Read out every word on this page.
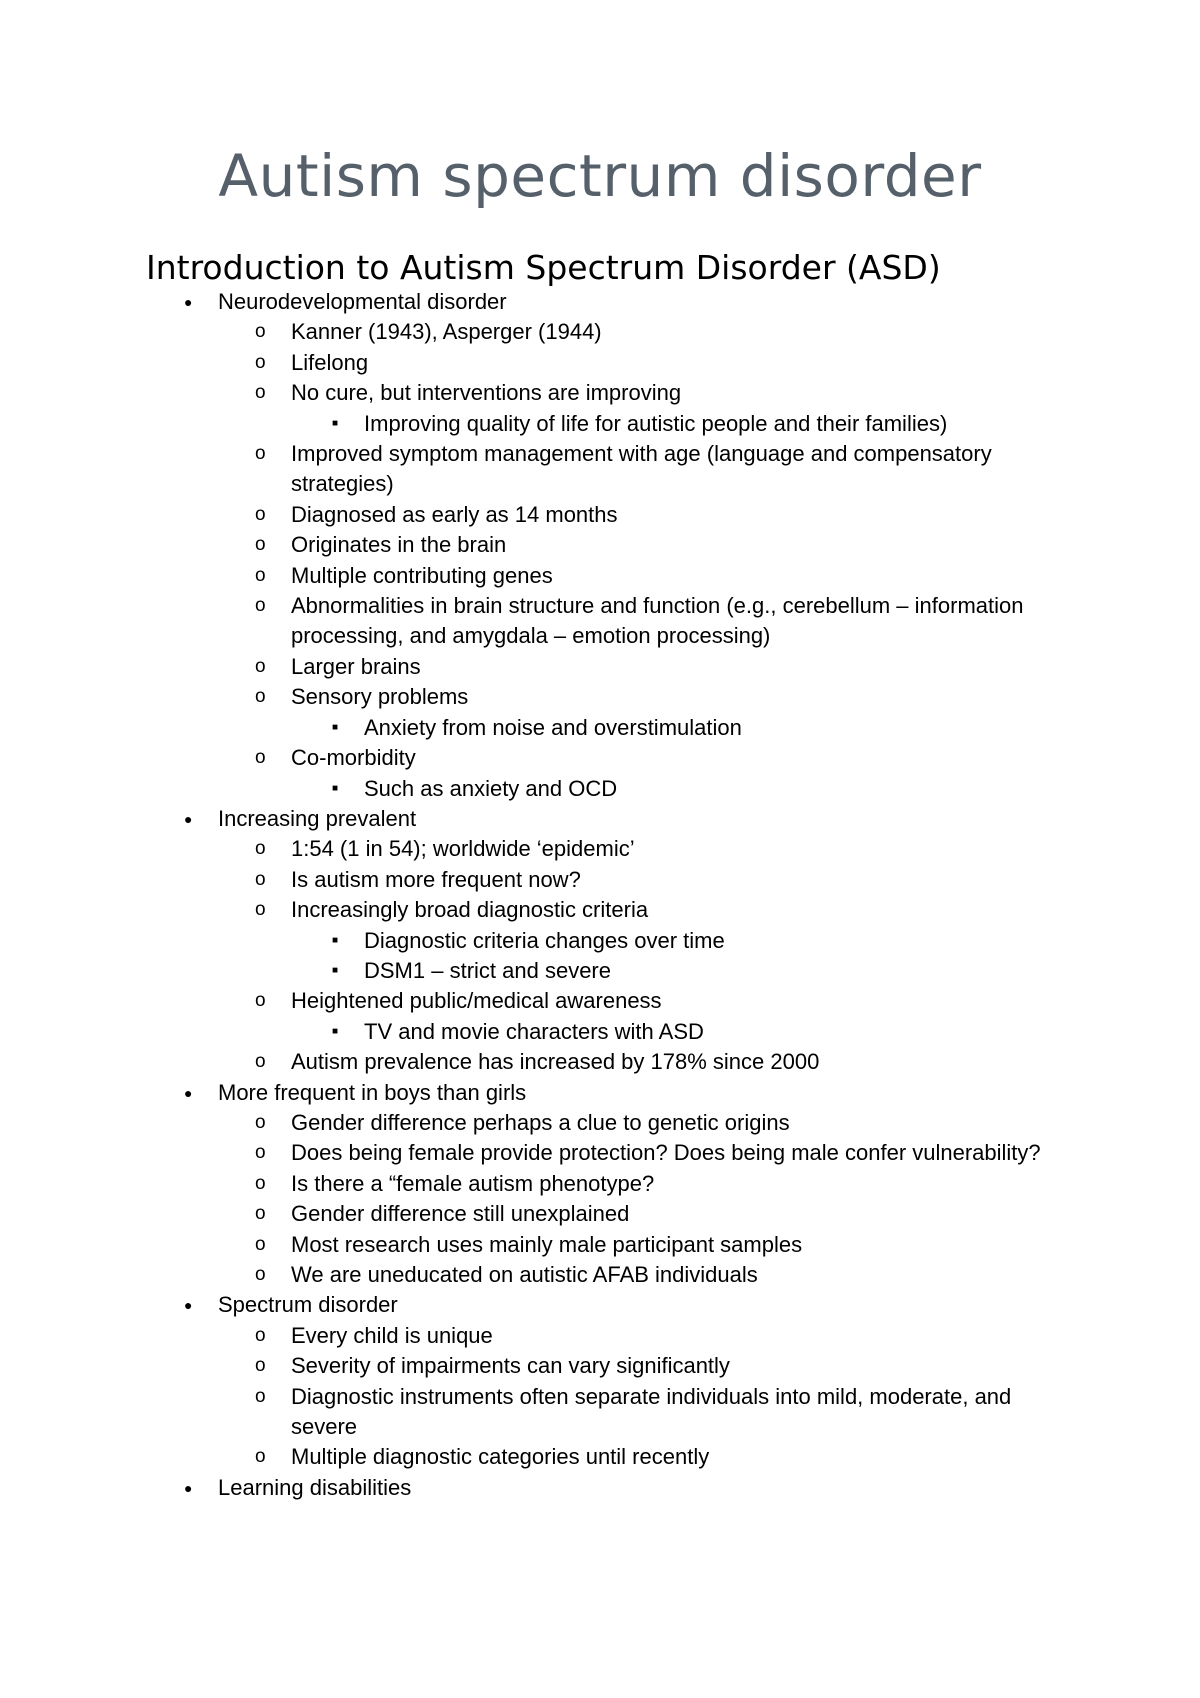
Autism spectrum disorder
Introduction to Autism Spectrum Disorder (ASD)
● Neurodevelopmental disorder
o Kanner (1943), Asperger (1944)
o Lifelong
o No cure, but interventions are improving
■ Improving quality of life for autistic people and their families)
o Improved symptom management with age (language and compensatory strategies)
o Diagnosed as early as 14 months
o Originates in the brain
o Multiple contributing genes
o Abnormalities in brain structure and function (e.g., cerebellum – information processing, and amygdala – emotion processing)
o Larger brains
o Sensory problems
■ Anxiety from noise and overstimulation
o Co-morbidity
■ Such as anxiety and OCD
● Increasing prevalent
o 1:54 (1 in 54); worldwide ‘epidemic’
o Is autism more frequent now?
o Increasingly broad diagnostic criteria
■ Diagnostic criteria changes over time
■ DSM1 – strict and severe
o Heightened public/medical awareness
■ TV and movie characters with ASD
o Autism prevalence has increased by 178% since 2000
● More frequent in boys than girls
o Gender difference perhaps a clue to genetic origins
o Does being female provide protection? Does being male confer vulnerability?
o Is there a “female autism phenotype?
o Gender difference still unexplained
o Most research uses mainly male participant samples
o We are uneducated on autistic AFAB individuals
● Spectrum disorder
o Every child is unique
o Severity of impairments can vary significantly
o Diagnostic instruments often separate individuals into mild, moderate, and severe
o Multiple diagnostic categories until recently
● Learning disabilities
